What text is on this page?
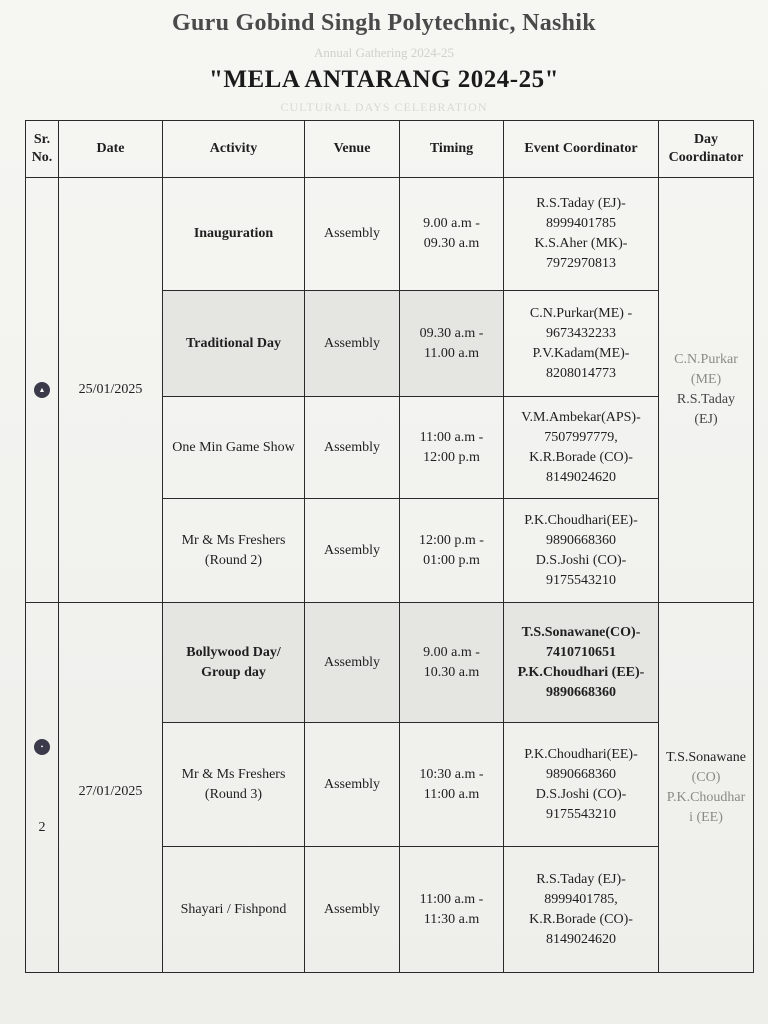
Guru Gobind Singh Polytechnic, Nashik
Annual Gathering 2024-25
"MELA ANTARANG 2024-25"
CULTURAL DAYS CELEBRATION
Sr.
No.	Date	Activity	Venue	Timing	Event Coordinator	Day
Coordinator
▲	25/01/2025	Inauguration	Assembly	9.00 a.m -
09.30 a.m	R.S.Taday (EJ)-
8999401785
K.S.Aher (MK)-
7972970813	C.N.Purkar
(ME)
R.S.Taday
(EJ)

		Traditional Day	Assembly	09.30 a.m -
11.00 a.m	C.N.Purkar(ME) -
9673432233
P.V.Kadam(ME)-
8208014773	

		One Min Game Show	Assembly	11:00 a.m -
12:00 p.m	V.M.Ambekar(APS)-
7507997779,
K.R.Borade (CO)-
8149024620	

		Mr & Ms Freshers (Round 2)	Assembly	12:00 p.m -
01:00 p.m	P.K.Choudhari(EE)-
9890668360
D.S.Joshi (CO)-
9175543210	

•

2	27/01/2025	Bollywood Day/ Group day	Assembly	9.00 a.m -
10.30 a.m	T.S.Sonawane(CO)-
7410710651
P.K.Choudhari (EE)-
9890668360	T.S.Sonawane
(CO)
P.K.Choudhar
i (EE)

		Mr & Ms Freshers (Round 3)	Assembly	10:30 a.m -
11:00 a.m	P.K.Choudhari(EE)-
9890668360
D.S.Joshi (CO)-
9175543210	

		Shayari / Fishpond	Assembly	11:00 a.m -
11:30 a.m	R.S.Taday (EJ)-
8999401785,
K.R.Borade (CO)-
8149024620	
